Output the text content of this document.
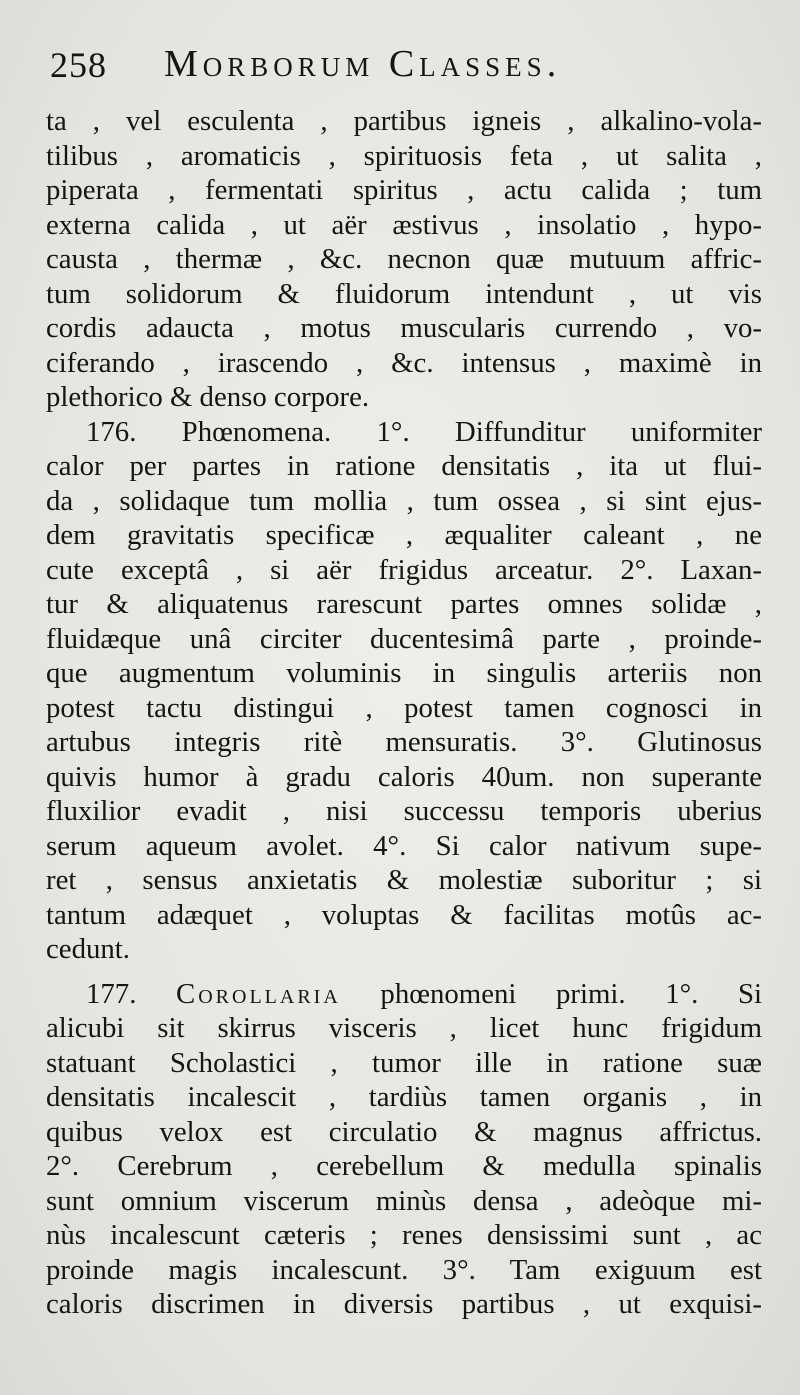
258 Morborum Classes.
ta , vel esculenta , partibus igneis , alkalino-vola-
tilibus , aromaticis , spirituosis feta , ut salita ,
piperata , fermentati spiritus , actu calida ; tum
externa calida , ut aër æstivus , insolatio , hypo-
causta , thermæ , &c. necnon quæ mutuum affric-
tum solidorum & fluidorum intendunt , ut vis
cordis adaucta , motus muscularis currendo , vo-
ciferando , irascendo , &c. intensus , maximè in
plethorico & denso corpore.
176. Phœnomena. 1°. Diffunditur uniformiter
calor per partes in ratione densitatis , ita ut flui-
da , solidaque tum mollia , tum ossea , si sint ejus-
dem gravitatis specificæ , æqualiter caleant , ne
cute exceptâ , si aër frigidus arceatur. 2°. Laxan-
tur & aliquatenus rarescunt partes omnes solidæ ,
fluidæque unâ circiter ducentesimâ parte , proinde-
que augmentum voluminis in singulis arteriis non
potest tactu distingui , potest tamen cognosci in
artubus integris ritè mensuratis. 3°. Glutinosus
quivis humor à gradu caloris 40um. non superante
fluxilior evadit , nisi successu temporis uberius
serum aqueum avolet. 4°. Si calor nativum supe-
ret , sensus anxietatis & molestiæ suboritur ; si
tantum adæquet , voluptas & facilitas motûs ac-
cedunt.
177. Corollaria phœnomeni primi. 1°. Si
alicubi sit skirrus visceris , licet hunc frigidum
statuant Scholastici , tumor ille in ratione suæ
densitatis incalescit , tardiùs tamen organis , in
quibus velox est circulatio & magnus affrictus.
2°. Cerebrum , cerebellum & medulla spinalis
sunt omnium viscerum minùs densa , adeòque mi-
nùs incalescunt cæteris ; renes densissimi sunt , ac
proinde magis incalescunt. 3°. Tam exiguum est
caloris discrimen in diversis partibus , ut exquisi-
